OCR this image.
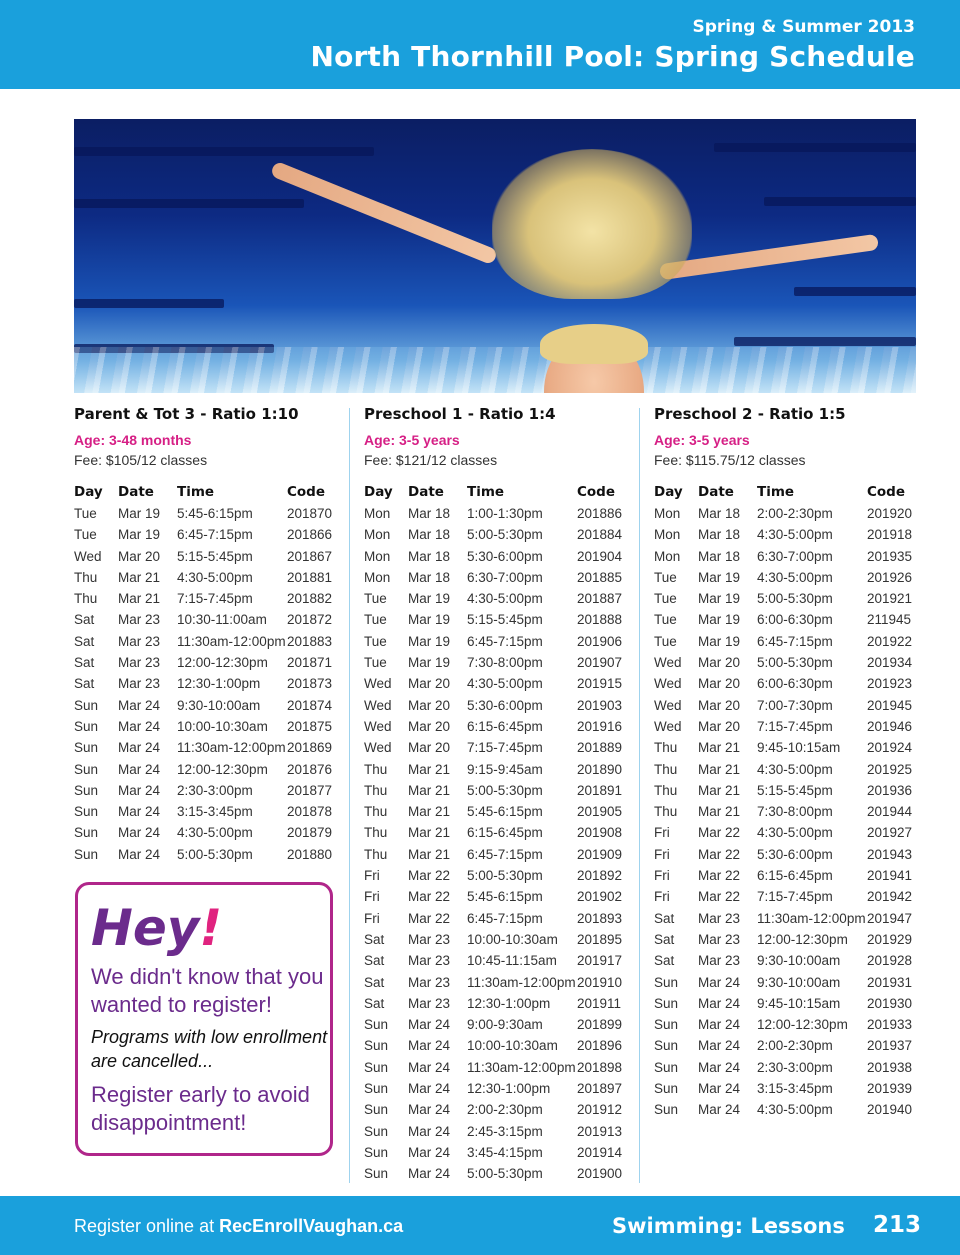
Spring & Summer 2013
North Thornhill Pool: Spring Schedule
Parent & Tot 3 - Ratio 1:10
Age: 3-48 months
Fee: $105/12 classes
Day	Date	Time	Code
Tue	Mar 19	5:45-6:15pm	201870
Tue	Mar 19	6:45-7:15pm	201866
Wed	Mar 20	5:15-5:45pm	201867
Thu	Mar 21	4:30-5:00pm	201881
Thu	Mar 21	7:15-7:45pm	201882
Sat	Mar 23	10:30-11:00am	201872
Sat	Mar 23	11:30am-12:00pm	201883
Sat	Mar 23	12:00-12:30pm	201871
Sat	Mar 23	12:30-1:00pm	201873
Sun	Mar 24	9:30-10:00am	201874
Sun	Mar 24	10:00-10:30am	201875
Sun	Mar 24	11:30am-12:00pm	201869
Sun	Mar 24	12:00-12:30pm	201876
Sun	Mar 24	2:30-3:00pm	201877
Sun	Mar 24	3:15-3:45pm	201878
Sun	Mar 24	4:30-5:00pm	201879
Sun	Mar 24	5:00-5:30pm	201880
Preschool 1 - Ratio 1:4
Age: 3-5 years
Fee: $121/12 classes
Day	Date	Time	Code
Mon	Mar 18	1:00-1:30pm	201886
Mon	Mar 18	5:00-5:30pm	201884
Mon	Mar 18	5:30-6:00pm	201904
Mon	Mar 18	6:30-7:00pm	201885
Tue	Mar 19	4:30-5:00pm	201887
Tue	Mar 19	5:15-5:45pm	201888
Tue	Mar 19	6:45-7:15pm	201906
Tue	Mar 19	7:30-8:00pm	201907
Wed	Mar 20	4:30-5:00pm	201915
Wed	Mar 20	5:30-6:00pm	201903
Wed	Mar 20	6:15-6:45pm	201916
Wed	Mar 20	7:15-7:45pm	201889
Thu	Mar 21	9:15-9:45am	201890
Thu	Mar 21	5:00-5:30pm	201891
Thu	Mar 21	5:45-6:15pm	201905
Thu	Mar 21	6:15-6:45pm	201908
Thu	Mar 21	6:45-7:15pm	201909
Fri	Mar 22	5:00-5:30pm	201892
Fri	Mar 22	5:45-6:15pm	201902
Fri	Mar 22	6:45-7:15pm	201893
Sat	Mar 23	10:00-10:30am	201895
Sat	Mar 23	10:45-11:15am	201917
Sat	Mar 23	11:30am-12:00pm	201910
Sat	Mar 23	12:30-1:00pm	201911
Sun	Mar 24	9:00-9:30am	201899
Sun	Mar 24	10:00-10:30am	201896
Sun	Mar 24	11:30am-12:00pm	201898
Sun	Mar 24	12:30-1:00pm	201897
Sun	Mar 24	2:00-2:30pm	201912
Sun	Mar 24	2:45-3:15pm	201913
Sun	Mar 24	3:45-4:15pm	201914
Sun	Mar 24	5:00-5:30pm	201900
Preschool 2 - Ratio 1:5
Age: 3-5 years
Fee: $115.75/12 classes
Day	Date	Time	Code
Mon	Mar 18	2:00-2:30pm	201920
Mon	Mar 18	4:30-5:00pm	201918
Mon	Mar 18	6:30-7:00pm	201935
Tue	Mar 19	4:30-5:00pm	201926
Tue	Mar 19	5:00-5:30pm	201921
Tue	Mar 19	6:00-6:30pm	211945
Tue	Mar 19	6:45-7:15pm	201922
Wed	Mar 20	5:00-5:30pm	201934
Wed	Mar 20	6:00-6:30pm	201923
Wed	Mar 20	7:00-7:30pm	201945
Wed	Mar 20	7:15-7:45pm	201946
Thu	Mar 21	9:45-10:15am	201924
Thu	Mar 21	4:30-5:00pm	201925
Thu	Mar 21	5:15-5:45pm	201936
Thu	Mar 21	7:30-8:00pm	201944
Fri	Mar 22	4:30-5:00pm	201927
Fri	Mar 22	5:30-6:00pm	201943
Fri	Mar 22	6:15-6:45pm	201941
Fri	Mar 22	7:15-7:45pm	201942
Sat	Mar 23	11:30am-12:00pm	201947
Sat	Mar 23	12:00-12:30pm	201929
Sat	Mar 23	9:30-10:00am	201928
Sun	Mar 24	9:30-10:00am	201931
Sun	Mar 24	9:45-10:15am	201930
Sun	Mar 24	12:00-12:30pm	201933
Sun	Mar 24	2:00-2:30pm	201937
Sun	Mar 24	2:30-3:00pm	201938
Sun	Mar 24	3:15-3:45pm	201939
Sun	Mar 24	4:30-5:00pm	201940
Hey!
We didn't know that you wanted to register!
Programs with low enrollment are cancelled...
Register early to avoid disappointment!
Register online at RecEnrollVaughan.ca	Swimming: Lessons 213
